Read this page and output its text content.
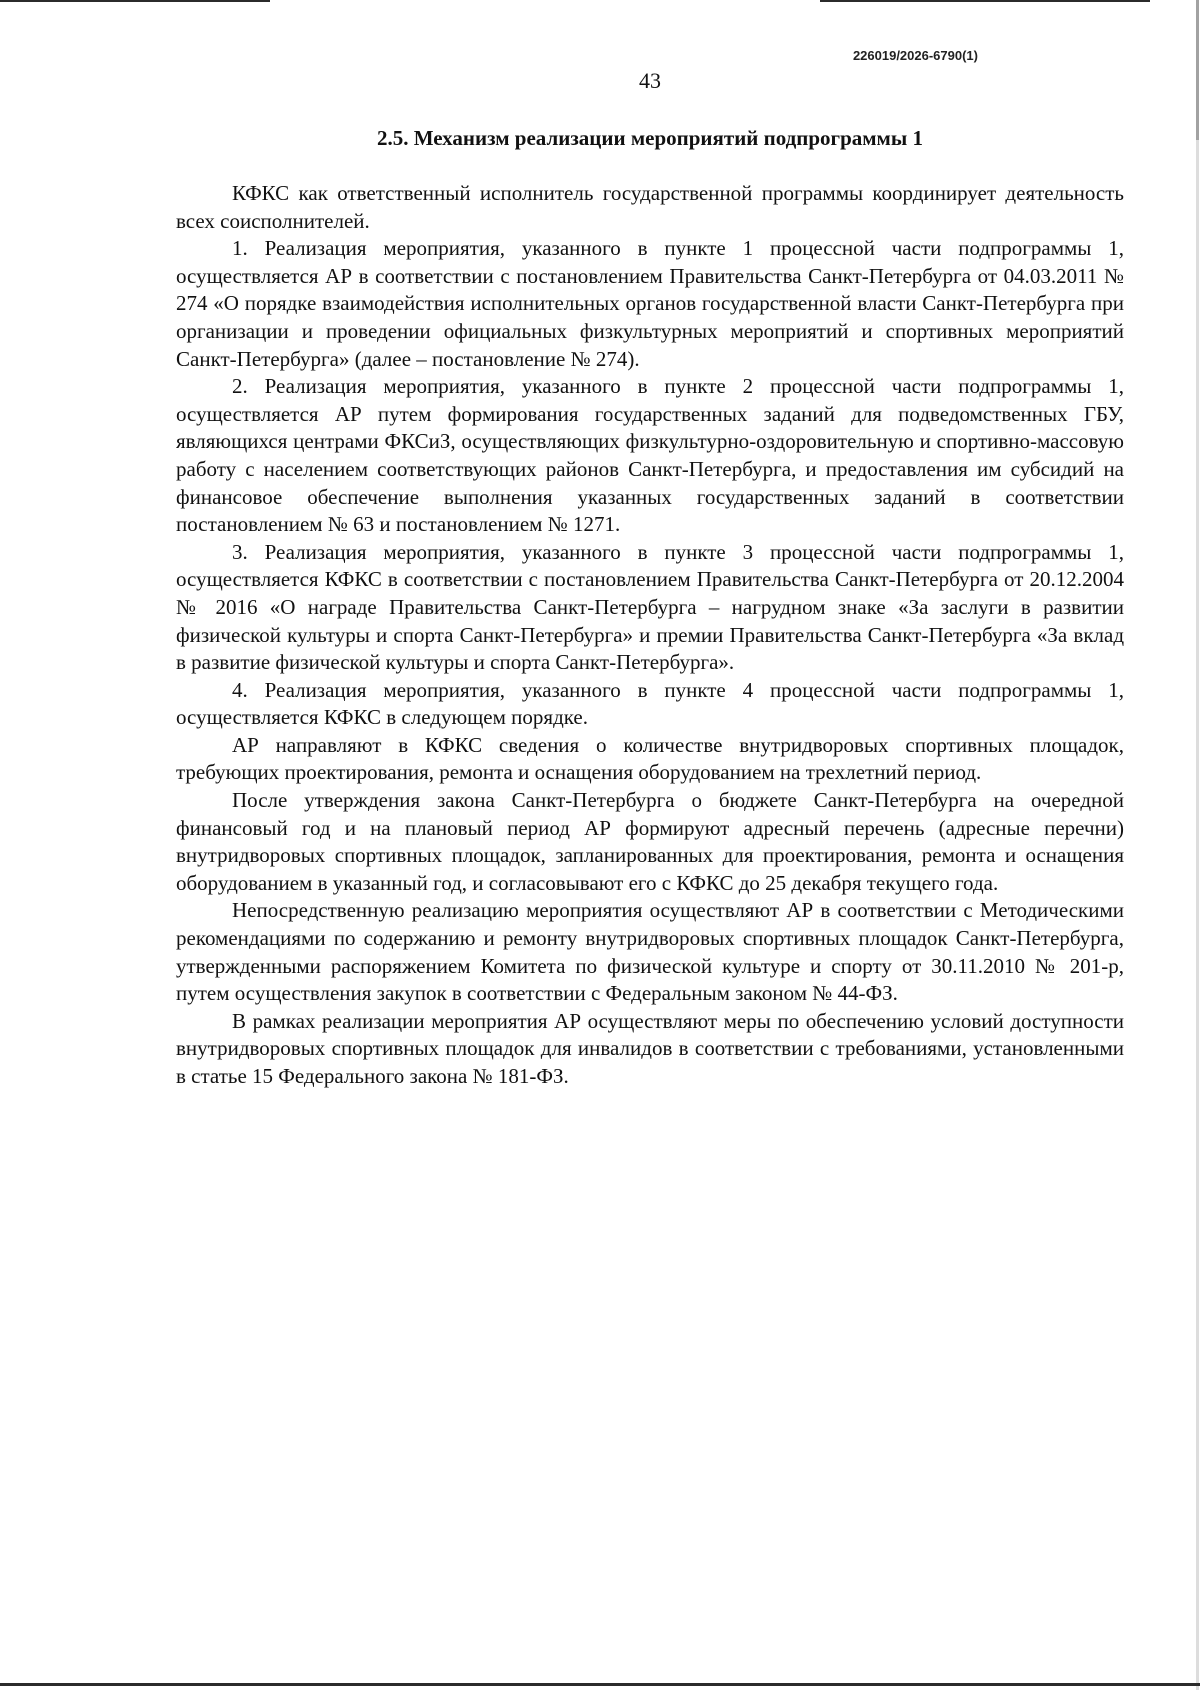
226019/2026-6790(1)
43
2.5. Механизм реализации мероприятий подпрограммы 1

КФКС как ответственный исполнитель государственной программы координирует деятельность всех соисполнителей.

1. Реализация мероприятия, указанного в пункте 1 процессной части подпрограммы 1, осуществляется АР в соответствии с постановлением Правительства Санкт-Петербурга от 04.03.2011 № 274 «О порядке взаимодействия исполнительных органов государственной власти Санкт-Петербурга при организации и проведении официальных физкультурных мероприятий и спортивных мероприятий Санкт-Петербурга» (далее – постановление № 274).

2. Реализация мероприятия, указанного в пункте 2 процессной части подпрограммы 1, осуществляется АР путем формирования государственных заданий для подведомственных ГБУ, являющихся центрами ФКСиЗ, осуществляющих физкультурно-оздоровительную и спортивно-массовую работу с населением соответствующих районов Санкт-Петербурга, и предоставления им субсидий на финансовое обеспечение выполнения указанных государственных заданий в соответствии постановлением № 63 и постановлением № 1271.

3. Реализация мероприятия, указанного в пункте 3 процессной части подпрограммы 1, осуществляется КФКС в соответствии с постановлением Правительства Санкт-Петербурга от 20.12.2004 № 2016 «О награде Правительства Санкт-Петербурга – нагрудном знаке «За заслуги в развитии физической культуры и спорта Санкт-Петербурга» и премии Правительства Санкт-Петербурга «За вклад в развитие физической культуры и спорта Санкт-Петербурга».

4. Реализация мероприятия, указанного в пункте 4 процессной части подпрограммы 1, осуществляется КФКС в следующем порядке.

АР направляют в КФКС сведения о количестве внутридворовых спортивных площадок, требующих проектирования, ремонта и оснащения оборудованием на трехлетний период.

После утверждения закона Санкт-Петербурга о бюджете Санкт-Петербурга на очередной финансовый год и на плановый период АР формируют адресный перечень (адресные перечни) внутридворовых спортивных площадок, запланированных для проектирования, ремонта и оснащения оборудованием в указанный год, и согласовывают его с КФКС до 25 декабря текущего года.

Непосредственную реализацию мероприятия осуществляют АР в соответствии с Методическими рекомендациями по содержанию и ремонту внутридворовых спортивных площадок Санкт-Петербурга, утвержденными распоряжением Комитета по физической культуре и спорту от 30.11.2010 № 201-р, путем осуществления закупок в соответствии с Федеральным законом № 44-ФЗ.

В рамках реализации мероприятия АР осуществляют меры по обеспечению условий доступности внутридворовых спортивных площадок для инвалидов в соответствии с требованиями, установленными в статье 15 Федерального закона № 181-ФЗ.
